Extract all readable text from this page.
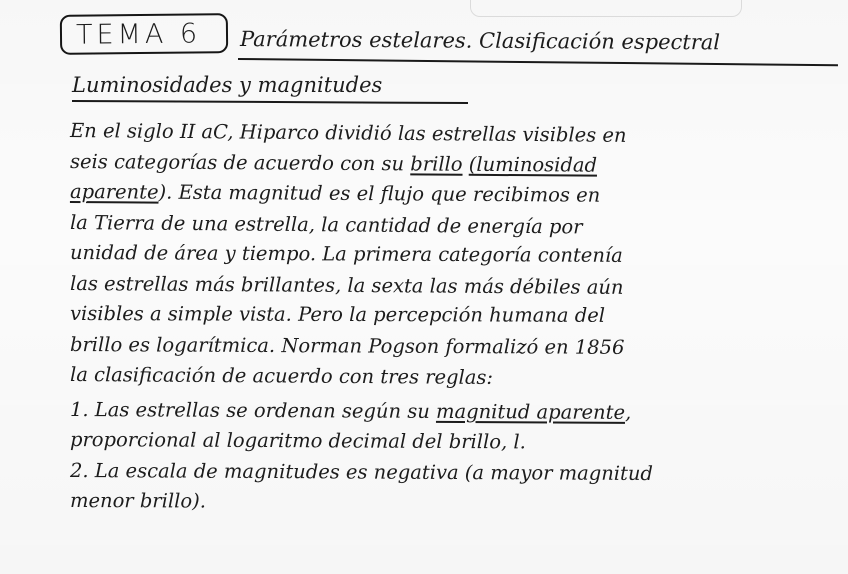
TEMA 6 Parámetros estelares. Clasificación espectral
Luminosidades y magnitudes
En el siglo II aC, Hiparco dividió las estrellas visibles en
seis categorías de acuerdo con su brillo (luminosidad
aparente). Esta magnitud es el flujo que recibimos en
la Tierra de una estrella, la cantidad de energía por
unidad de área y tiempo. La primera categoría contenía
las estrellas más brillantes, la sexta las más débiles aún
visibles a simple vista. Pero la percepción humana del
brillo es logarítmica. Norman Pogson formalizó en 1856
la clasificación de acuerdo con tres reglas:
1. Las estrellas se ordenan según su magnitud aparente,
proporcional al logaritmo decimal del brillo, l.
2. La escala de magnitudes es negativa (a mayor magnitud
menor brillo).
